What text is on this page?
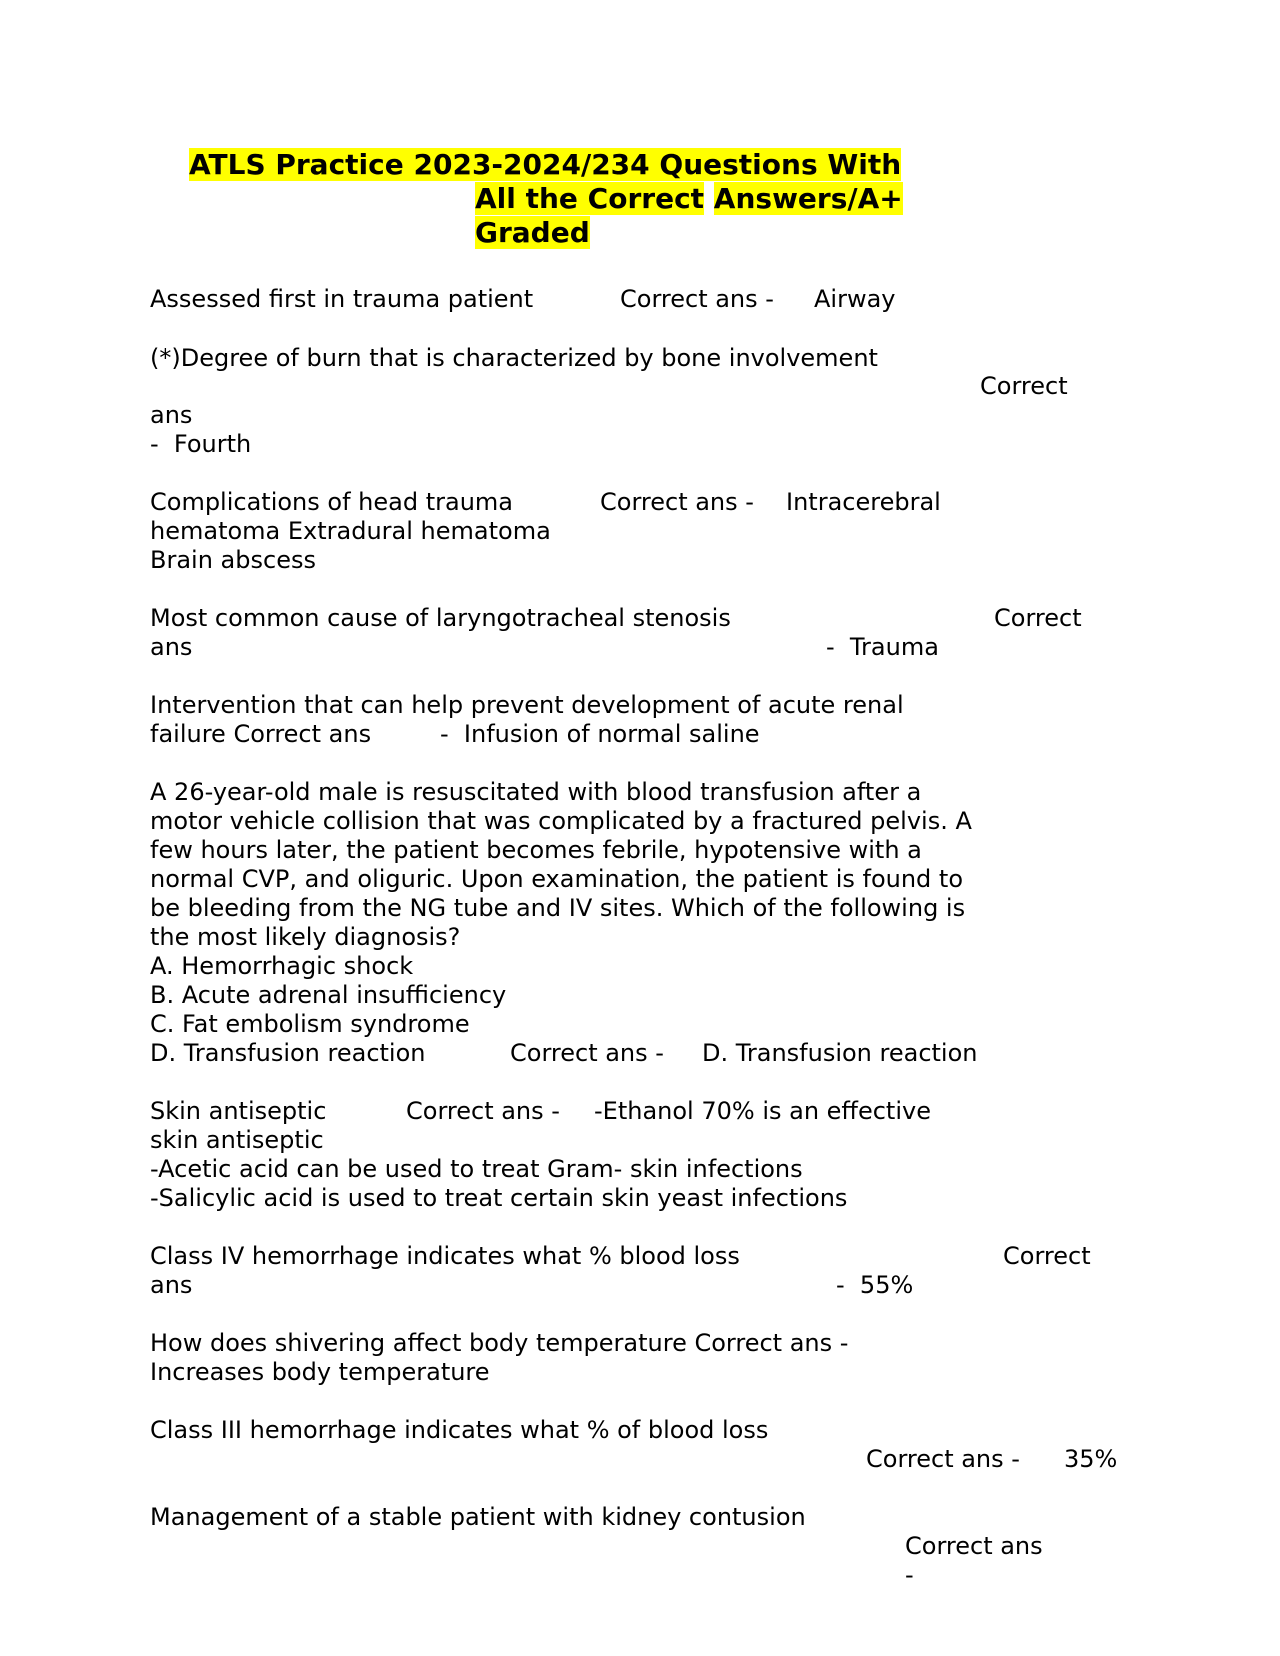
ATLS Practice 2023-2024/234 Questions With
All the Correct Answers/A+
Graded
Assessed first in trauma patient	Correct ans - Airway
(*)Degree of burn that is characterized by bone involvement
Correct
ans
-  Fourth
Complications of head trauma	Correct ans - Intracerebral
hematoma Extradural hematoma
Brain abscess
Most common cause of laryngotracheal stenosis	Correct
ans	-  Trauma
Intervention that can help prevent development of acute renal
failure Correct ans	-  Infusion of normal saline
A 26-year-old male is resuscitated with blood transfusion after a
motor vehicle collision that was complicated by a fractured pelvis. A
few hours later, the patient becomes febrile, hypotensive with a
normal CVP, and oliguric. Upon examination, the patient is found to
be bleeding from the NG tube and IV sites. Which of the following is
the most likely diagnosis?
A. Hemorrhagic shock
B. Acute adrenal insufficiency
C. Fat embolism syndrome
D. Transfusion reaction	Correct ans - D. Transfusion reaction
Skin antiseptic	Correct ans - -Ethanol 70% is an effective
skin antiseptic
-Acetic acid can be used to treat Gram- skin infections
-Salicylic acid is used to treat certain skin yeast infections
Class IV hemorrhage indicates what % blood loss	Correct
ans	-  55%
How does shivering affect body temperature Correct ans -
Increases body temperature
Class III hemorrhage indicates what % of blood loss
Correct ans - 35%
Management of a stable patient with kidney contusion
Correct ans
-
